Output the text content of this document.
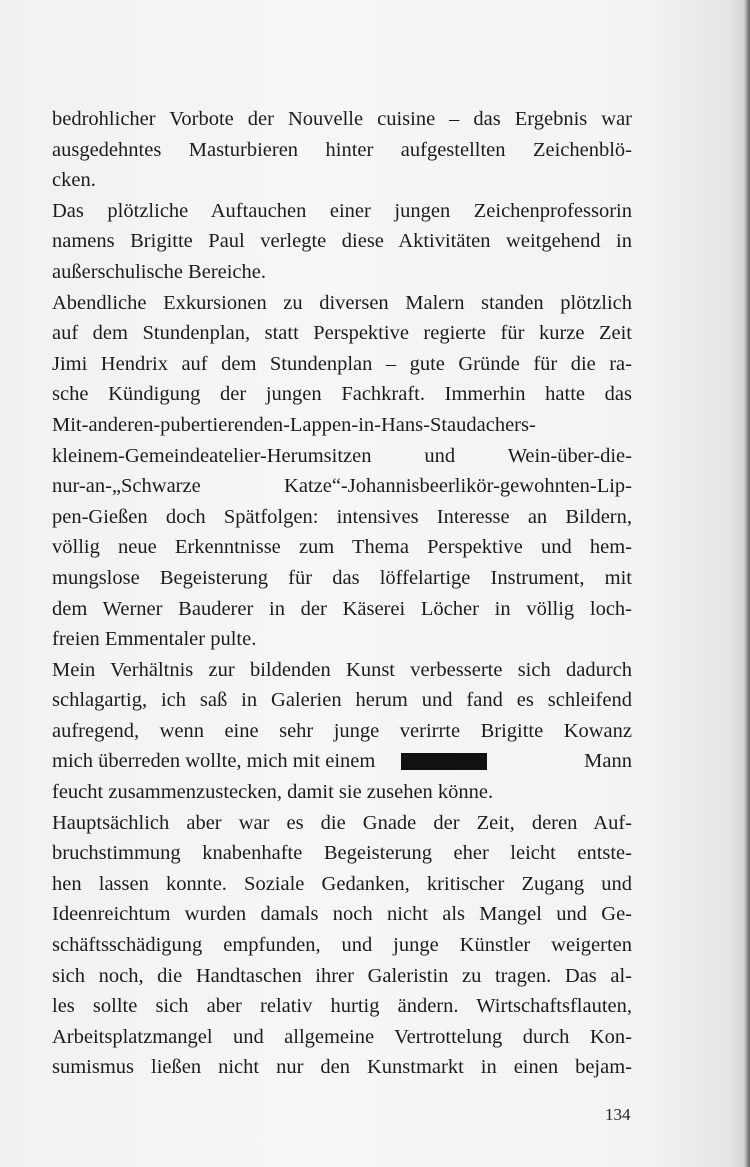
bedrohlicher Vorbote der Nouvelle cuisine – das Ergebnis war
ausgedehntes Masturbieren hinter aufgestellten Zeichenblö-
cken.
Das plötzliche Auftauchen einer jungen Zeichenprofessorin
namens Brigitte Paul verlegte diese Aktivitäten weitgehend in
außerschulische Bereiche.
Abendliche Exkursionen zu diversen Malern standen plötzlich
auf dem Stundenplan, statt Perspektive regierte für kurze Zeit
Jimi Hendrix auf dem Stundenplan – gute Gründe für die ra-
sche Kündigung der jungen Fachkraft. Immerhin hatte das
Mit-anderen-pubertierenden-Lappen-in-Hans-Staudachers-
kleinem-Gemeindeatelier-Herumsitzen und Wein-über-die-
nur-an-„Schwarze Katze“-Johannisbeerlikör-gewohnten-Lip-
pen-Gießen doch Spätfolgen: intensives Interesse an Bildern,
völlig neue Erkenntnisse zum Thema Perspektive und hem-
mungslose Begeisterung für das löffelartige Instrument, mit
dem Werner Bauderer in der Käserei Löcher in völlig loch-
freien Emmentaler pulte.
Mein Verhältnis zur bildenden Kunst verbesserte sich dadurch
schlagartig, ich saß in Galerien herum und fand es schleifend
aufregend, wenn eine sehr junge verirrte Brigitte Kowanz
mich überreden wollte, mich mit einem	Mann
feucht zusammenzustecken, damit sie zusehen könne.
Hauptsächlich aber war es die Gnade der Zeit, deren Auf-
bruchstimmung knabenhafte Begeisterung eher leicht entste-
hen lassen konnte. Soziale Gedanken, kritischer Zugang und
Ideenreichtum wurden damals noch nicht als Mangel und Ge-
schäftsschädigung empfunden, und junge Künstler weigerten
sich noch, die Handtaschen ihrer Galeristin zu tragen. Das al-
les sollte sich aber relativ hurtig ändern. Wirtschaftsflauten,
Arbeitsplatzmangel und allgemeine Vertrottelung durch Kon-
sumismus ließen nicht nur den Kunstmarkt in einen bejam-
134
